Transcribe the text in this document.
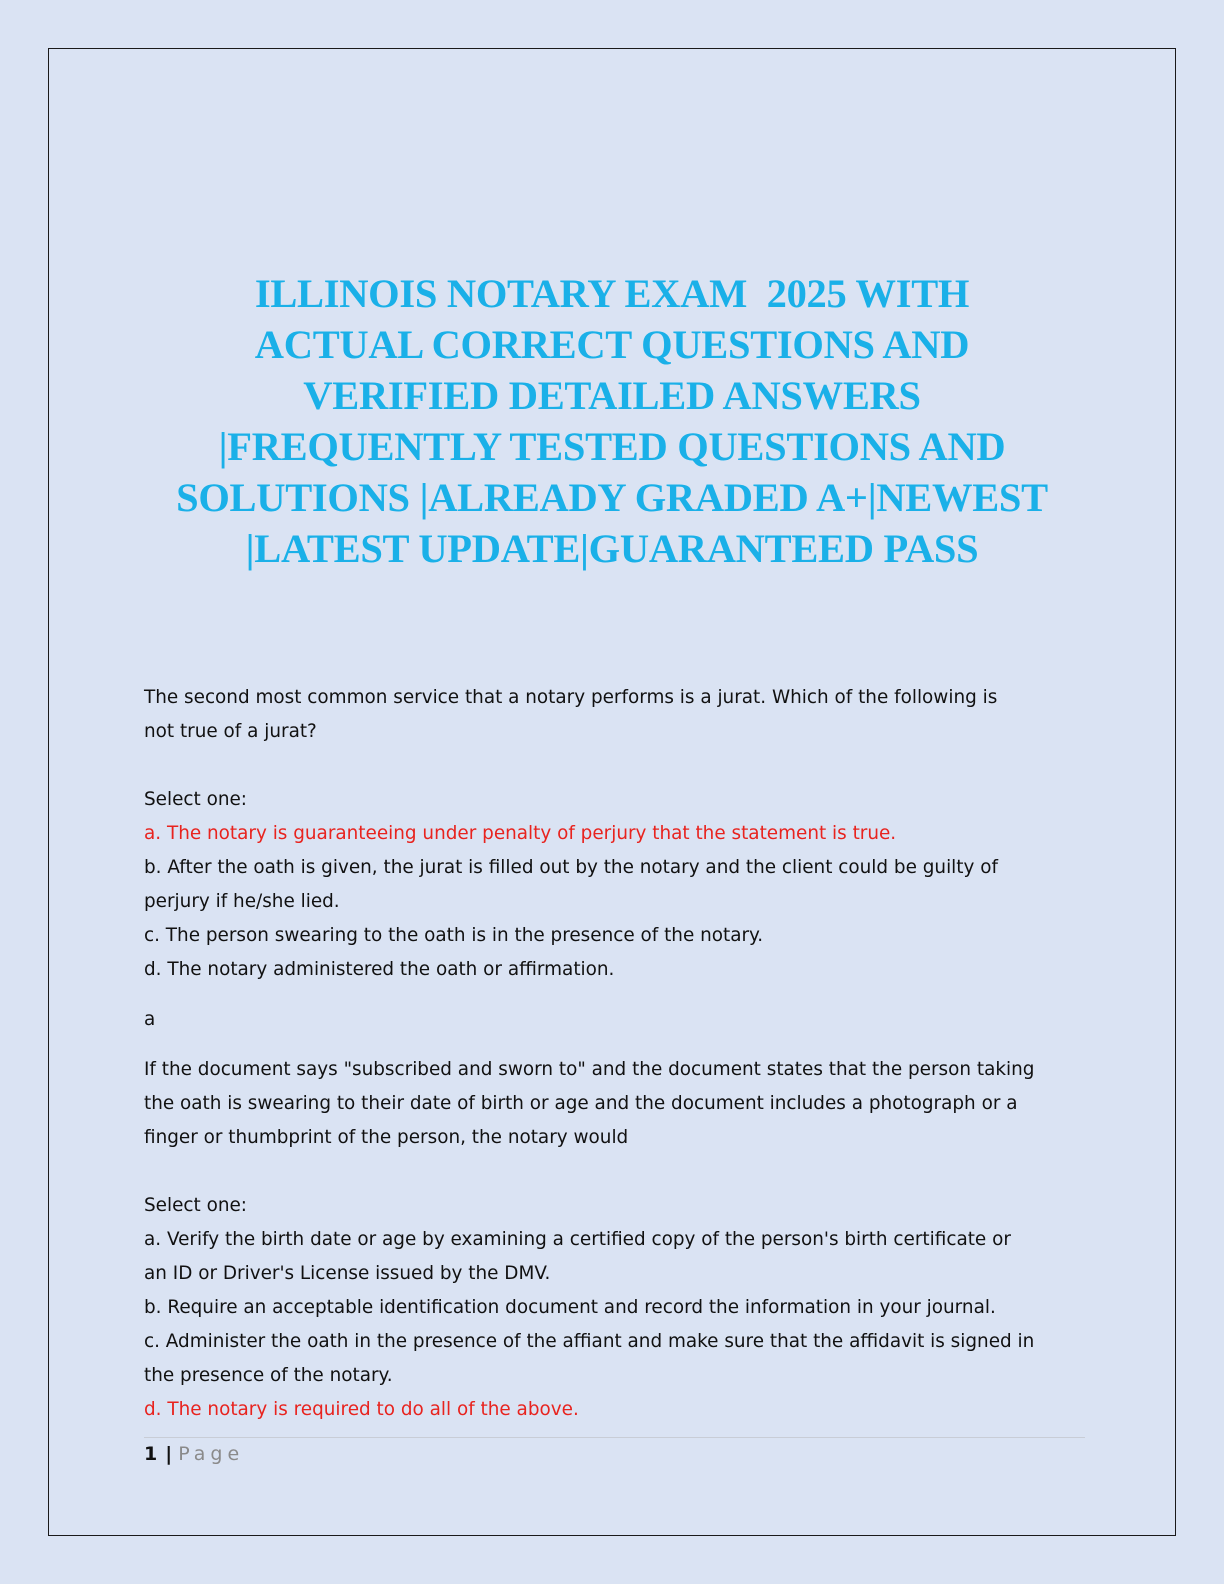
ILLINOIS NOTARY EXAM  2025 WITH
ACTUAL CORRECT QUESTIONS AND
VERIFIED DETAILED ANSWERS
|FREQUENTLY TESTED QUESTIONS AND
SOLUTIONS |ALREADY GRADED A+|NEWEST
|LATEST UPDATE|GUARANTEED PASS

The second most common service that a notary performs is a jurat. Which of the following is

not true of a jurat?

Select one:

a. The notary is guaranteeing under penalty of perjury that the statement is true.

b. After the oath is given, the jurat is filled out by the notary and the client could be guilty of

perjury if he/she lied.

c. The person swearing to the oath is in the presence of the notary.

d. The notary administered the oath or affirmation.

a

If the document says "subscribed and sworn to" and the document states that the person taking

the oath is swearing to their date of birth or age and the document includes a photograph or a

finger or thumbprint of the person, the notary would

Select one:

a. Verify the birth date or age by examining a certified copy of the person's birth certificate or

an ID or Driver's License issued by the DMV.

b. Require an acceptable identification document and record the information in your journal.

c. Administer the oath in the presence of the affiant and make sure that the affidavit is signed in

the presence of the notary.

d. The notary is required to do all of the above.

1 | Page
